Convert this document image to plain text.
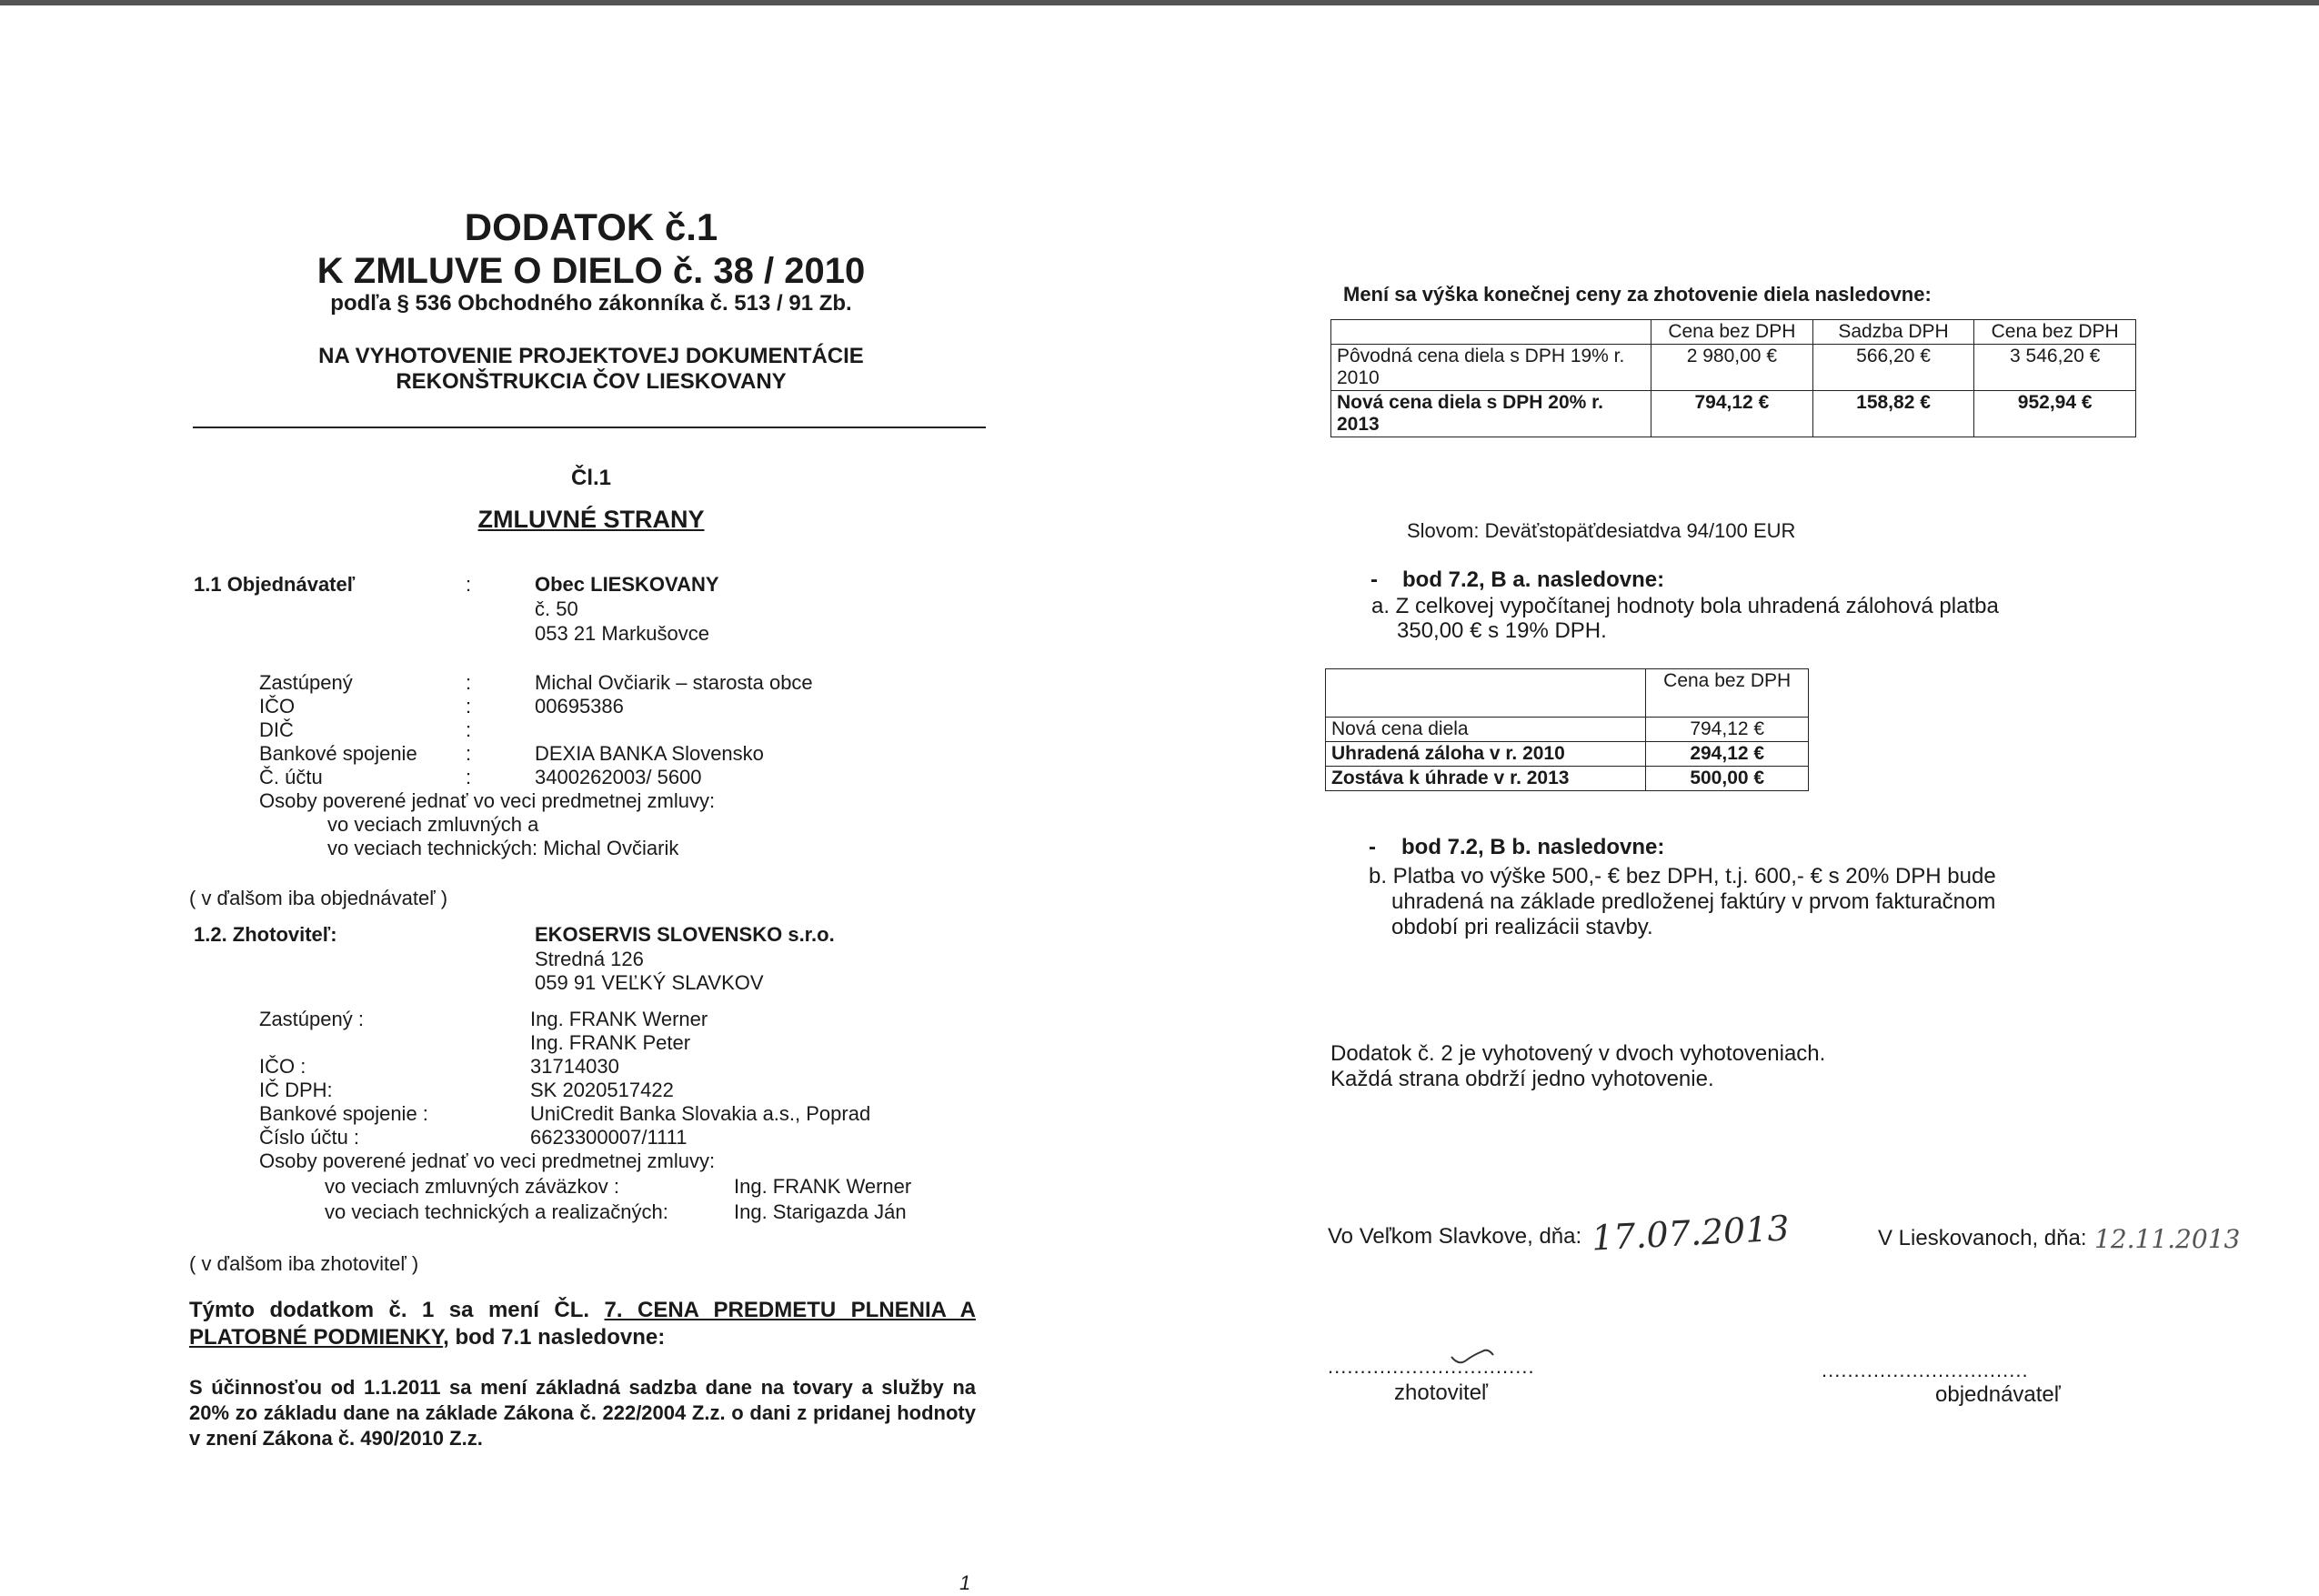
DODATOK č.1
K ZMLUVE O DIELO č. 38 / 2010
podľa § 536 Obchodného zákonníka č. 513 / 91 Zb.
NA VYHOTOVENIE PROJEKTOVEJ DOKUMENTÁCIE
REKONŠTRUKCIA ČOV LIESKOVANY
Čl.1
ZMLUVNÉ STRANY
1.1 Objednávateľ	:	Obec LIESKOVANY
č. 50
053 21 Markušovce
Zastúpený	:	Michal Ovčiarik – starosta obce
IČO	:	00695386
DIČ	:
Bankové spojenie :	DEXIA BANKA Slovensko
Č. účtu	:	3400262003/ 5600
Osoby poverené jednať vo veci predmetnej zmluvy:
vo veciach zmluvných a
vo veciach technických: Michal Ovčiarik
( v ďalšom iba objednávateľ )
1.2. Zhotoviteľ:	EKOSERVIS SLOVENSKO s.r.o.
Stredná 126
059 91 VEĽKÝ SLAVKOV
Zastúpený :	Ing. FRANK Werner
Ing. FRANK Peter
IČO :	31714030
IČ DPH:	SK 2020517422
Bankové spojenie :	UniCredit Banka Slovakia a.s., Poprad
Číslo účtu :	6623300007/1111
Osoby poverené jednať vo veci predmetnej zmluvy:
vo veciach zmluvných záväzkov :	Ing. FRANK Werner
vo veciach technických a realizačných:	Ing. Starigazda Ján
( v ďalšom iba zhotoviteľ )
Týmto dodatkom č. 1 sa mení ČL. 7. CENA PREDMETU PLNENIA A PLATOBNÉ PODMIENKY, bod 7.1 nasledovne:
S účinnosťou od 1.1.2011 sa mení základná sadzba dane na tovary a služby na 20% zo základu dane na základe Zákona č. 222/2004 Z.z. o dani z pridanej hodnoty v znení Zákona č. 490/2010 Z.z.
1
Mení sa výška konečnej ceny za zhotovenie diela nasledovne:
	Cena bez DPH	Sadzba DPH	Cena bez DPH
Pôvodná cena diela s DPH 19% r. 2010	2 980,00 €	566,20 €	3 546,20 €
Nová cena diela s DPH 20% r. 2013	794,12 €	158,82 €	952,94 €
Slovom: Deväťstopäťdesiatdva 94/100 EUR
- bod 7.2, B a. nasledovne:
a. Z celkovej vypočítanej hodnoty bola uhradená zálohová platba
350,00 € s 19% DPH.
	Cena bez DPH
Nová cena diela	794,12 €
Uhradená záloha v r. 2010	294,12 €
Zostáva k úhrade v r. 2013	500,00 €
- bod 7.2, B b. nasledovne:
b. Platba vo výške 500,- € bez DPH, t.j. 600,- € s 20% DPH bude
uhradená na základe predloženej faktúry v prvom fakturačnom
období pri realizácii stavby.
Dodatok č. 2 je vyhotovený v dvoch vyhotoveniach.
Každá strana obdrží jedno vyhotovenie.
Vo Veľkom Slavkove, dňa: 17.07.2013	V Lieskovanoch, dňa: 12.11.2013
................................	................................
zhotoviteľ	objednávateľ
